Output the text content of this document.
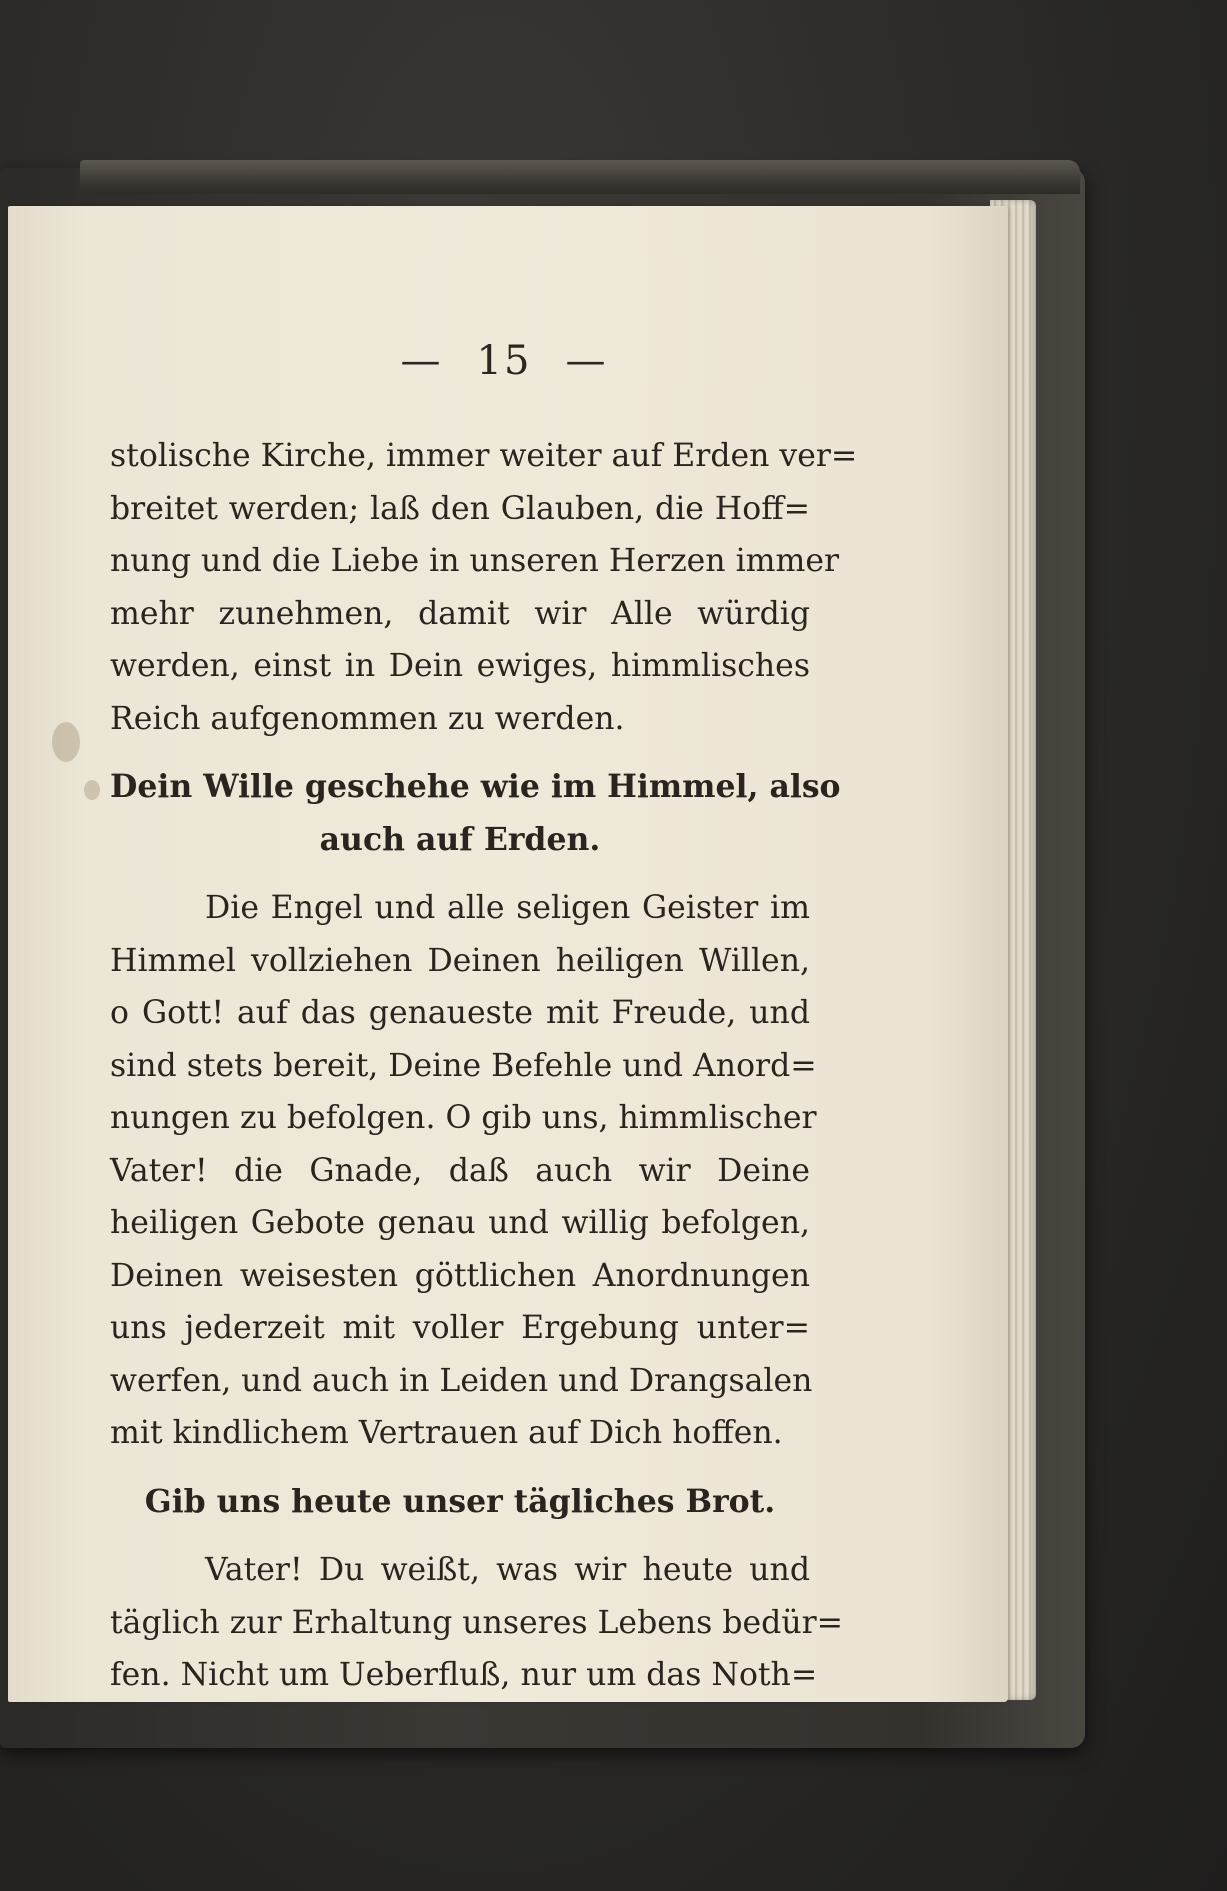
— 15 —

stolische Kirche, immer weiter auf Erden ver=
breitet werden; laß den Glauben, die Hoff=
nung und die Liebe in unseren Herzen immer
mehr zunehmen, damit wir Alle würdig
werden, einst in Dein ewiges, himmlisches
Reich aufgenommen zu werden.

Dein Wille geschehe wie im Himmel, also
auch auf Erden.

Die Engel und alle seligen Geister im
Himmel vollziehen Deinen heiligen Willen,
o Gott! auf das genaueste mit Freude, und
sind stets bereit, Deine Befehle und Anord=
nungen zu befolgen. O gib uns, himmlischer
Vater! die Gnade, daß auch wir Deine
heiligen Gebote genau und willig befolgen,
Deinen weisesten göttlichen Anordnungen
uns jederzeit mit voller Ergebung unter=
werfen, und auch in Leiden und Drangsalen
mit kindlichem Vertrauen auf Dich hoffen.

Gib uns heute unser tägliches Brot.

Vater! Du weißt, was wir heute und
täglich zur Erhaltung unseres Lebens bedür=
fen. Nicht um Ueberfluß, nur um das Noth=
